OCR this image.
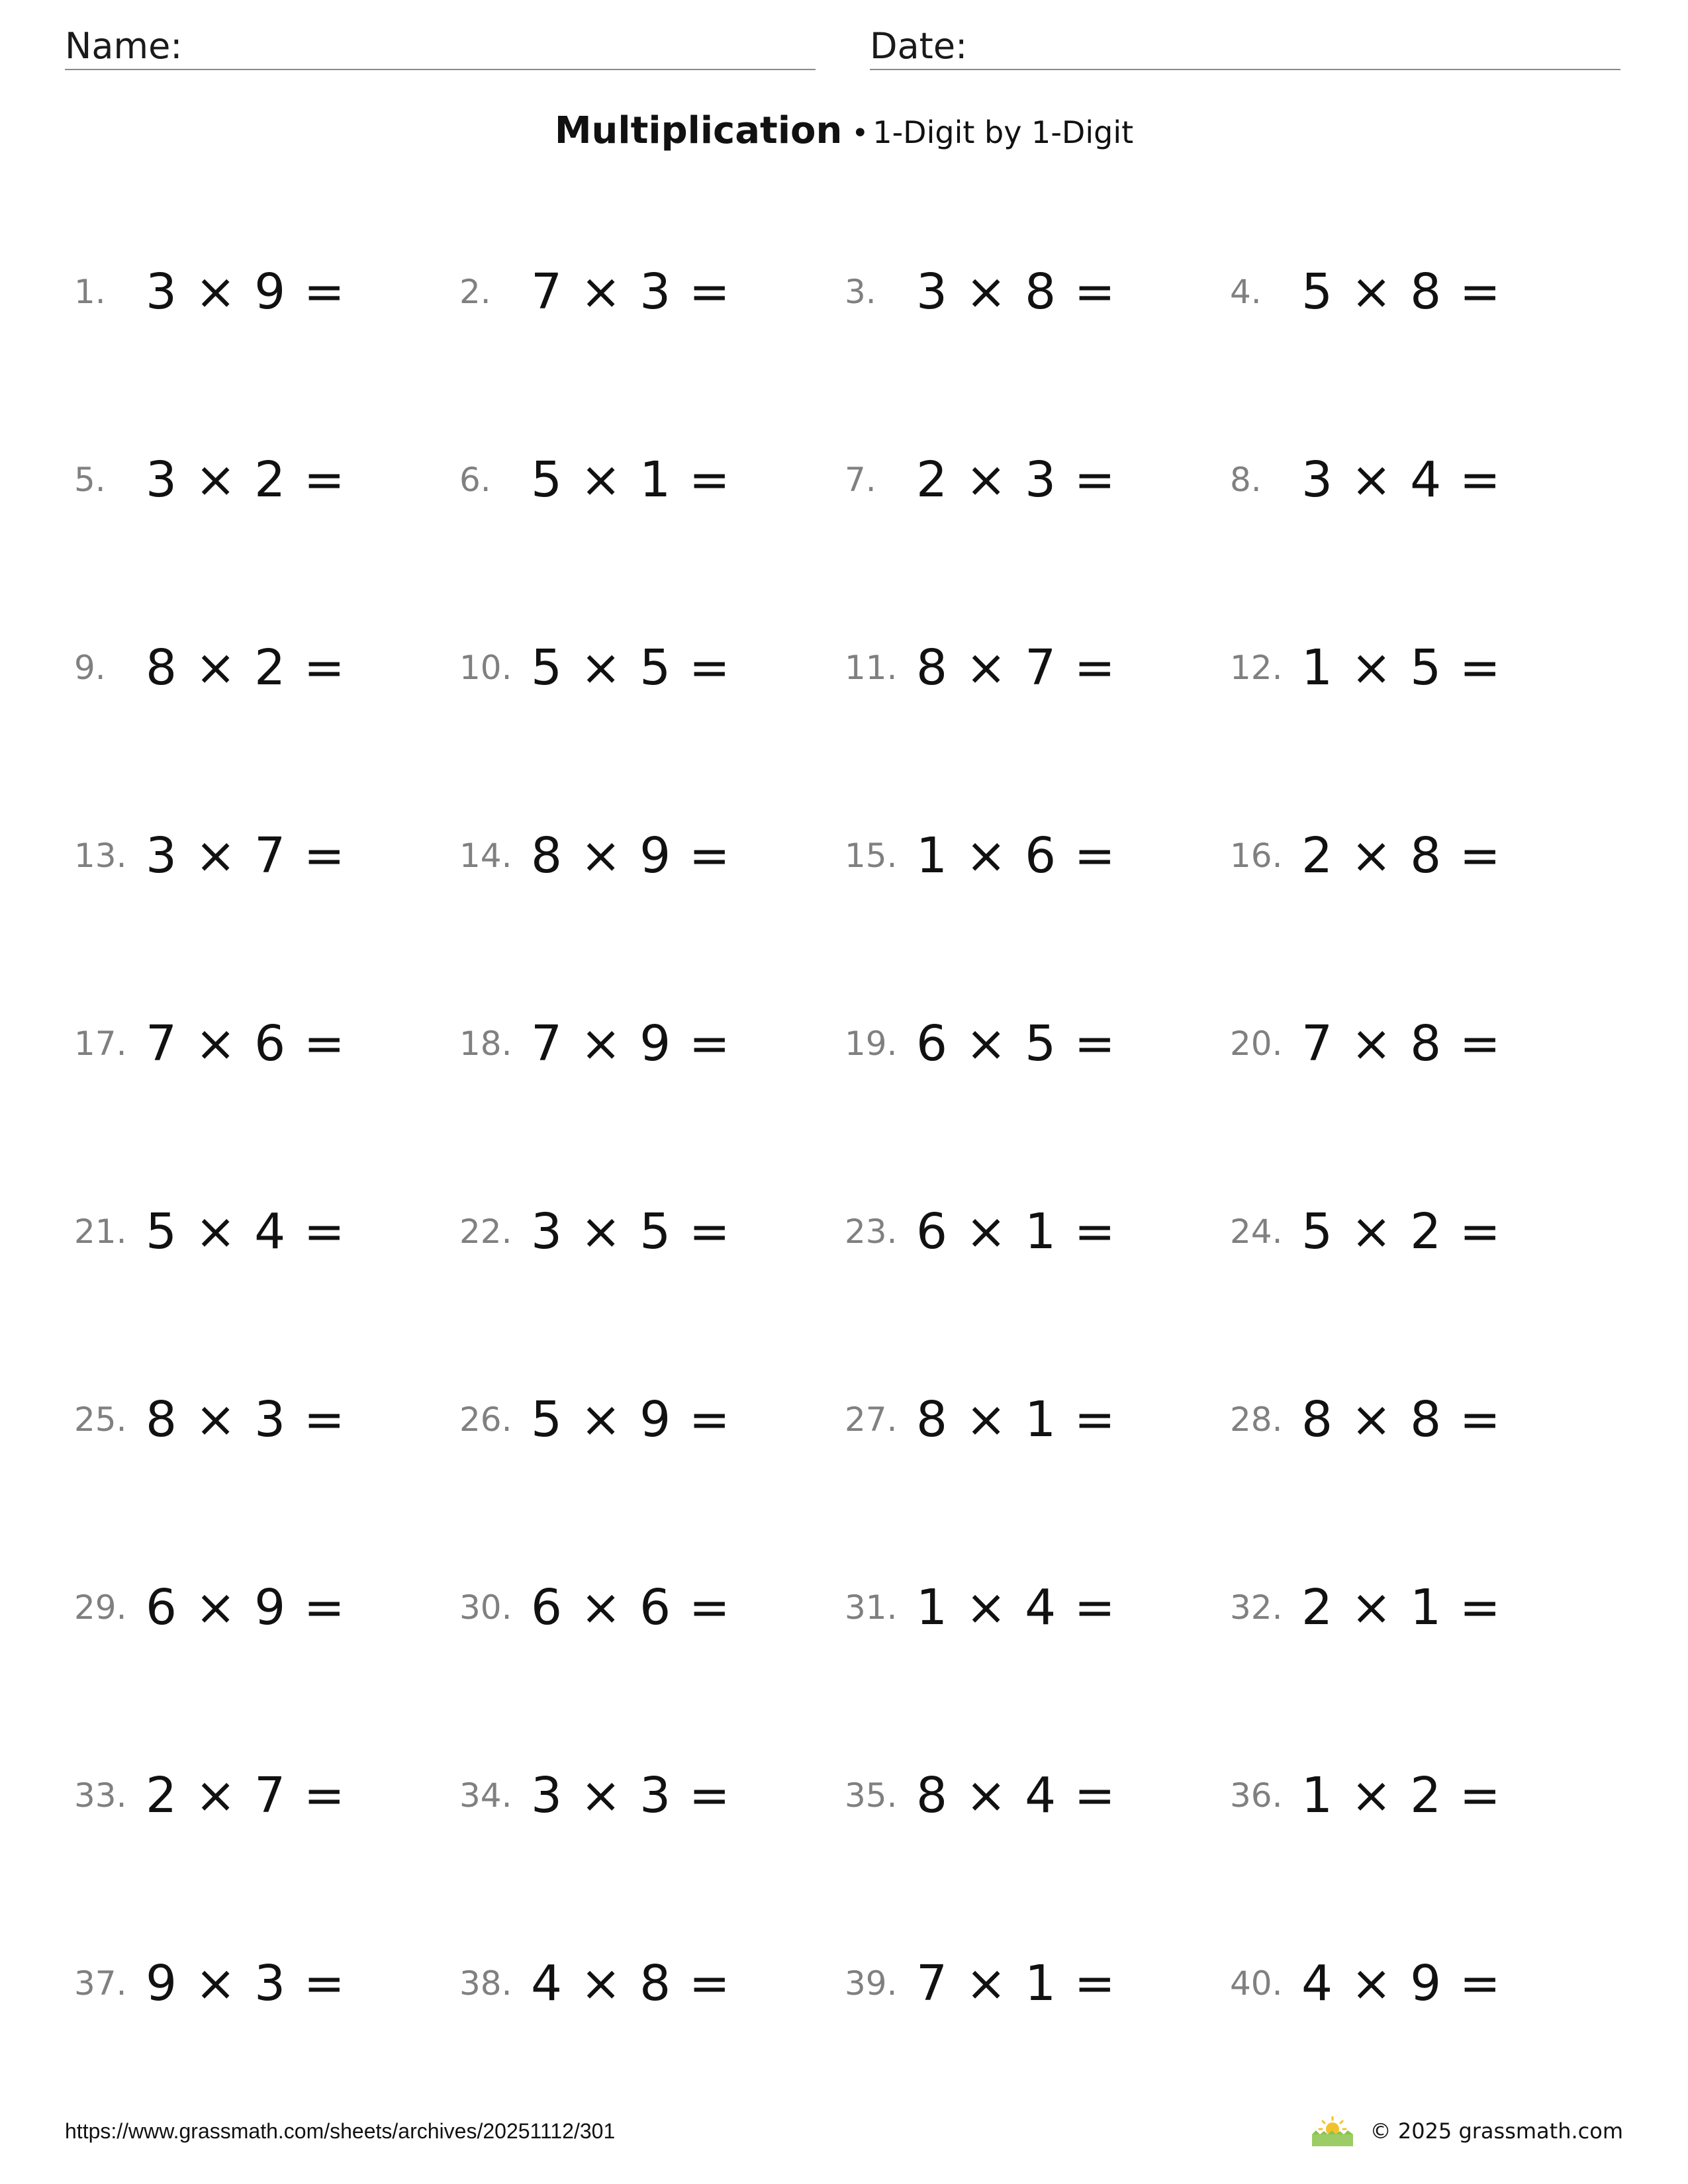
Name:	Date:
Multiplication • 1-Digit by 1-Digit
1. 3 × 9 =	2. 7 × 3 =	3. 3 × 8 =	4. 5 × 8 =
5. 3 × 2 =	6. 5 × 1 =	7. 2 × 3 =	8. 3 × 4 =
9. 8 × 2 =	10. 5 × 5 =	11. 8 × 7 =	12. 1 × 5 =
13. 3 × 7 =	14. 8 × 9 =	15. 1 × 6 =	16. 2 × 8 =
17. 7 × 6 =	18. 7 × 9 =	19. 6 × 5 =	20. 7 × 8 =
21. 5 × 4 =	22. 3 × 5 =	23. 6 × 1 =	24. 5 × 2 =
25. 8 × 3 =	26. 5 × 9 =	27. 8 × 1 =	28. 8 × 8 =
29. 6 × 9 =	30. 6 × 6 =	31. 1 × 4 =	32. 2 × 1 =
33. 2 × 7 =	34. 3 × 3 =	35. 8 × 4 =	36. 1 × 2 =
37. 9 × 3 =	38. 4 × 8 =	39. 7 × 1 =	40. 4 × 9 =
https://www.grassmath.com/sheets/archives/20251112/301	© 2025 grassmath.com
